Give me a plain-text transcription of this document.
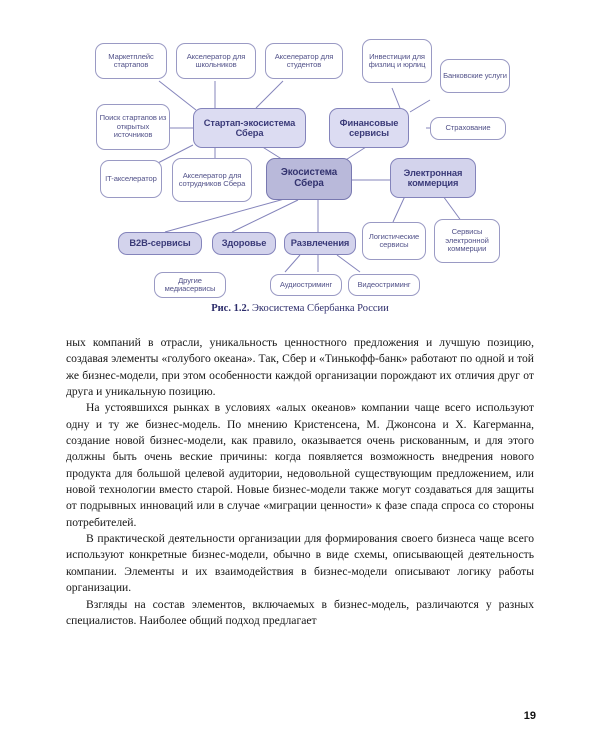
Маркетплейс стартапов
Акселератор для школьников
Акселератор для студентов
Инвестиции для физлиц и юрлиц
Банковские услуги
Поиск стартапов из открытых источников
Стартап-экосистема Сбера
Финансовые сервисы
Страхование
IT-акселератор	Акселератор для сотрудников Сбера
Экосистема Сбера
Электронная коммерция
B2B-сервисы	Здоровье	Развлечения
Логистические сервисы
Сервисы электронной коммерции
Другие медиасервисы	Аудиостриминг	Видеостриминг
Рис. 1.2. Экосистема Сбербанка России

ных компаний в отрасли, уникальность ценностного предложения и лучшую позицию, создавая элементы «голубого океана». Так, Сбер и «Тинькофф-банк» работают по одной и той же бизнес-модели, при этом особенности каждой организации порождают их отличия друг от друга и уникальную позицию.

На устоявшихся рынках в условиях «алых океанов» компании чаще всего используют одну и ту же бизнес-модель. По мнению Кристенсена, М. Джонсона и Х. Кагерманна, создание новой бизнес-модели, как правило, оказывается очень рискованным, и для этого должны быть очень веские причины: когда появляется возможность внедрения нового продукта для большой целевой аудитории, недовольной существующим предложением, или новой технологии вместо старой. Новые бизнес-модели также могут создаваться для защиты от подрывных инноваций или в случае «миграции ценности» к фазе спада спроса со стороны потребителей.

В практической деятельности организации для формирования своего бизнеса чаще всего используют конкретные бизнес-модели, обычно в виде схемы, описывающей деятельность компании. Элементы и их взаимодействия в бизнес-модели описывают логику работы организации.

Взгляды на состав элементов, включаемых в бизнес-модель, различаются у разных специалистов. Наиболее общий подход предлагает

19
